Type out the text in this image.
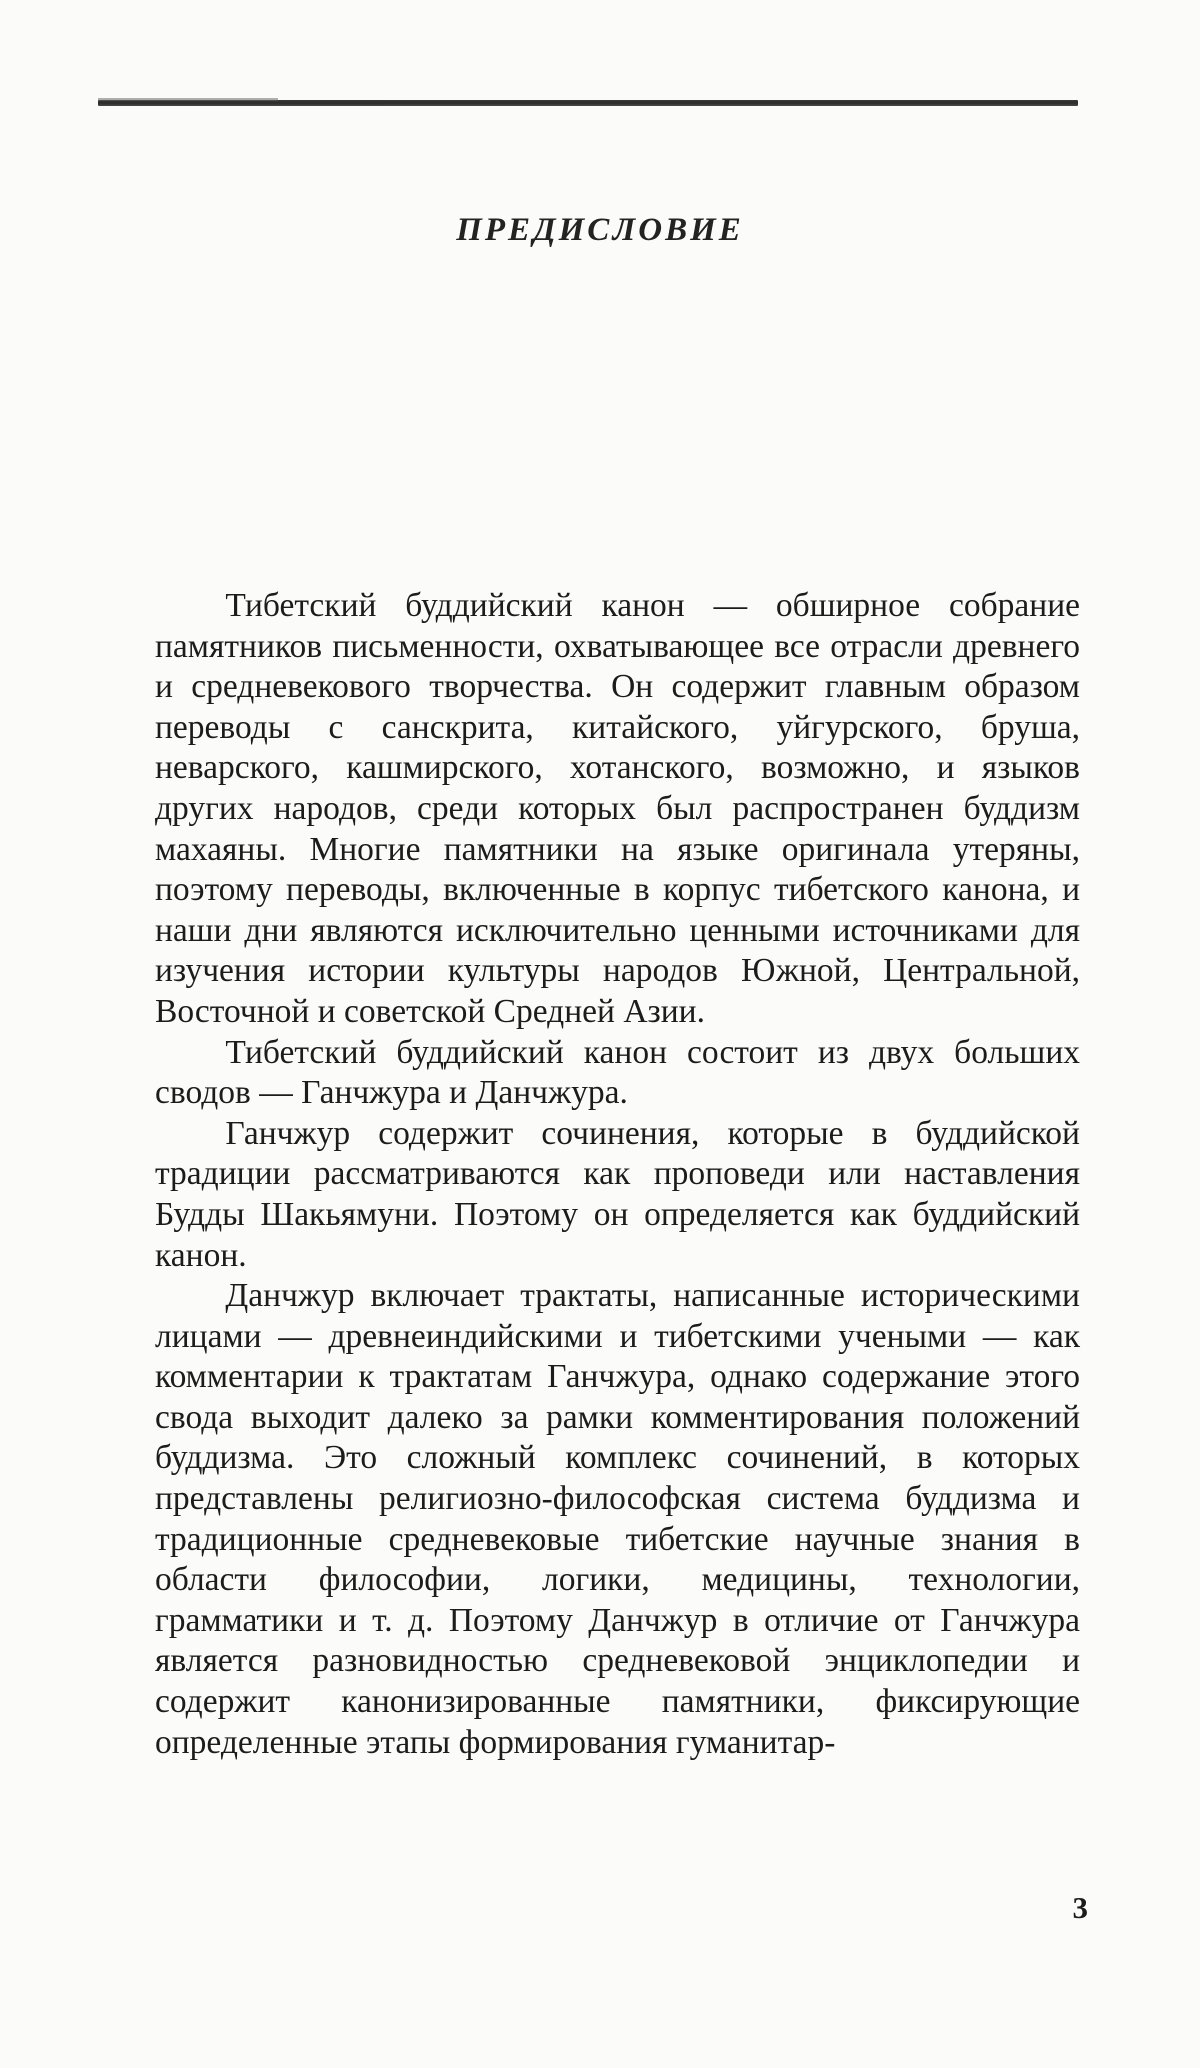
ПРЕДИСЛОВИЕ

Тибетский буддийский канон — обширное собрание памятников письменности, охватывающее все отрасли древнего и средневекового творчества. Он содержит главным образом переводы с санскрита, китайского, уйгурского, бруша, неварского, кашмирского, хотанского, возможно, и языков других народов, среди которых был распространен буддизм махаяны. Многие памятники на языке оригинала утеряны, поэтому переводы, включенные в корпус тибетского канона, и наши дни являются исключительно ценными источниками для изучения истории культуры народов Южной, Центральной, Восточной и советской Средней Азии.

Тибетский буддийский канон состоит из двух больших сводов — Ганчжура и Данчжура.

Ганчжур содержит сочинения, которые в буддийской традиции рассматриваются как проповеди или наставления Будды Шакьямуни. Поэтому он определяется как буддийский канон.

Данчжур включает трактаты, написанные историческими лицами — древнеиндийскими и тибетскими учеными — как комментарии к трактатам Ганчжура, однако содержание этого свода выходит далеко за рамки комментирования положений буддизма. Это сложный комплекс сочинений, в которых представлены религиозно-философская система буддизма и традиционные средневековые тибетские научные знания в области философии, логики, медицины, технологии, грамматики и т. д. Поэтому Данчжур в отличие от Ганчжура является разновидностью средневековой энциклопедии и содержит канонизированные памятники, фиксирующие определенные этапы формирования гуманитар-

3
